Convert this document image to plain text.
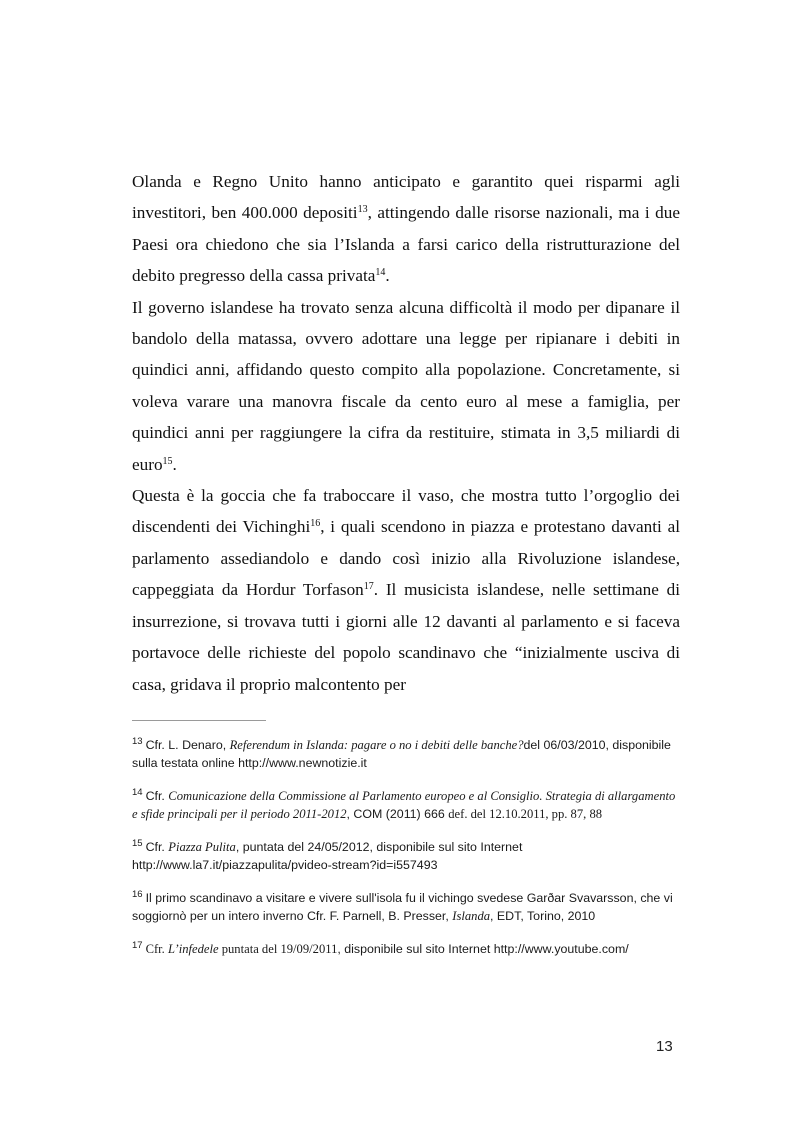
Olanda e Regno Unito hanno anticipato e garantito quei risparmi agli investitori, ben 400.000 depositi$^{13}$, attingendo dalle risorse nazionali, ma i due Paesi ora chiedono che sia l’Islanda a farsi carico della ristrutturazione del debito pregresso della cassa privata$^{14}$.

Il governo islandese ha trovato senza alcuna difficoltà il modo per dipanare il bandolo della matassa, ovvero adottare una legge per ripianare i debiti in quindici anni, affidando questo compito alla popolazione. Concretamente, si voleva varare una manovra fiscale da cento euro al mese a famiglia, per quindici anni per raggiungere la cifra da restituire, stimata in 3,5 miliardi di euro$^{15}$.

Questa è la goccia che fa traboccare il vaso, che mostra tutto l’orgoglio dei discendenti dei Vichinghi$^{16}$, i quali scendono in piazza e protestano davanti al parlamento assediandolo e dando così inizio alla Rivoluzione islandese, cappeggiata da Hordur Torfason$^{17}$. Il musicista islandese, nelle settimane di insurrezione, si trovava tutti i giorni alle 12 davanti al parlamento e si faceva portavoce delle richieste del popolo scandinavo che “inizialmente usciva di casa, gridava il proprio malcontento per

$^{13}$ Cfr. L. Denaro, Referendum in Islanda: pagare o no i debiti delle banche?del 06/03/2010, disponibile sulla testata online http://www.newnotizie.it

$^{14}$ Cfr. Comunicazione della Commissione al Parlamento europeo e al Consiglio. Strategia di allargamento e sfide principali per il periodo 2011-2012, COM (2011) 666 def. del 12.10.2011, pp. 87, 88

$^{15}$ Cfr. Piazza Pulita, puntata del 24/05/2012, disponibile sul sito Internet http://www.la7.it/piazzapulita/pvideo-stream?id=i557493

$^{16}$ Il primo scandinavo a visitare e vivere sull'isola fu il vichingo svedese Garðar Svavarsson, che vi soggiornò per un intero inverno Cfr. F. Parnell, B. Presser, Islanda, EDT, Torino, 2010

$^{17}$ Cfr. L’infedele puntata del 19/09/2011, disponibile sul sito Internet http://www.youtube.com/

13
